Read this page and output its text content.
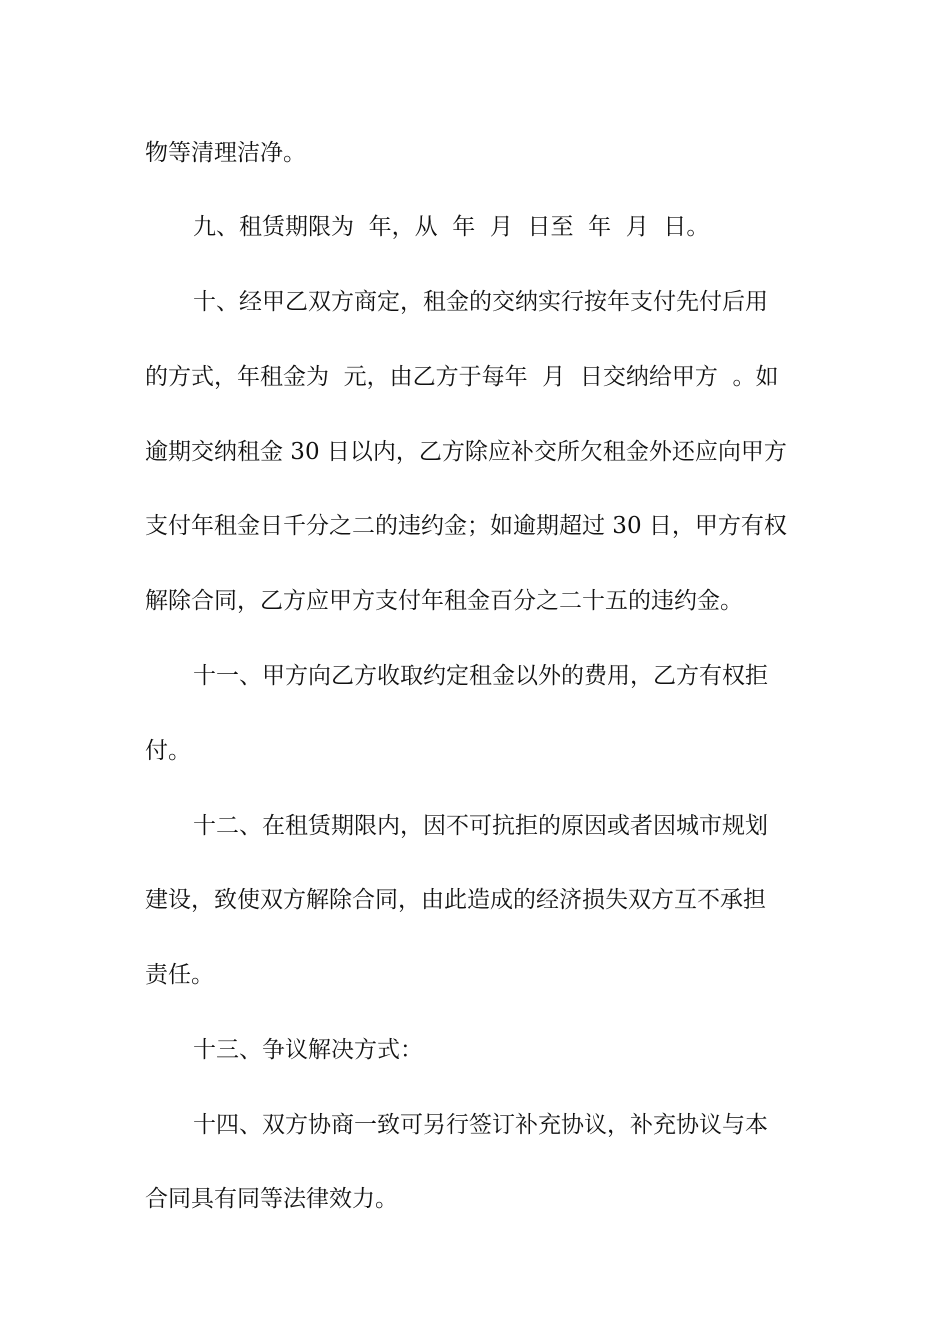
物等清理洁净。
九、租赁期限为  年，从  年  月  日至  年  月  日。
十、经甲乙双方商定，租金的交纳实行按年支付先付后用
的方式，年租金为  元，由乙方于每年  月  日交纳给甲方  。如
逾期交纳租金 30 日以内，乙方除应补交所欠租金外还应向甲方
支付年租金日千分之二的违约金；如逾期超过 30 日，甲方有权
解除合同，乙方应甲方支付年租金百分之二十五的违约金。
十一、甲方向乙方收取约定租金以外的费用，乙方有权拒
付。
十二、在租赁期限内，因不可抗拒的原因或者因城市规划
建设，致使双方解除合同，由此造成的经济损失双方互不承担
责任。
十三、争议解决方式：
十四、双方协商一致可另行签订补充协议，补充协议与本
合同具有同等法律效力。
